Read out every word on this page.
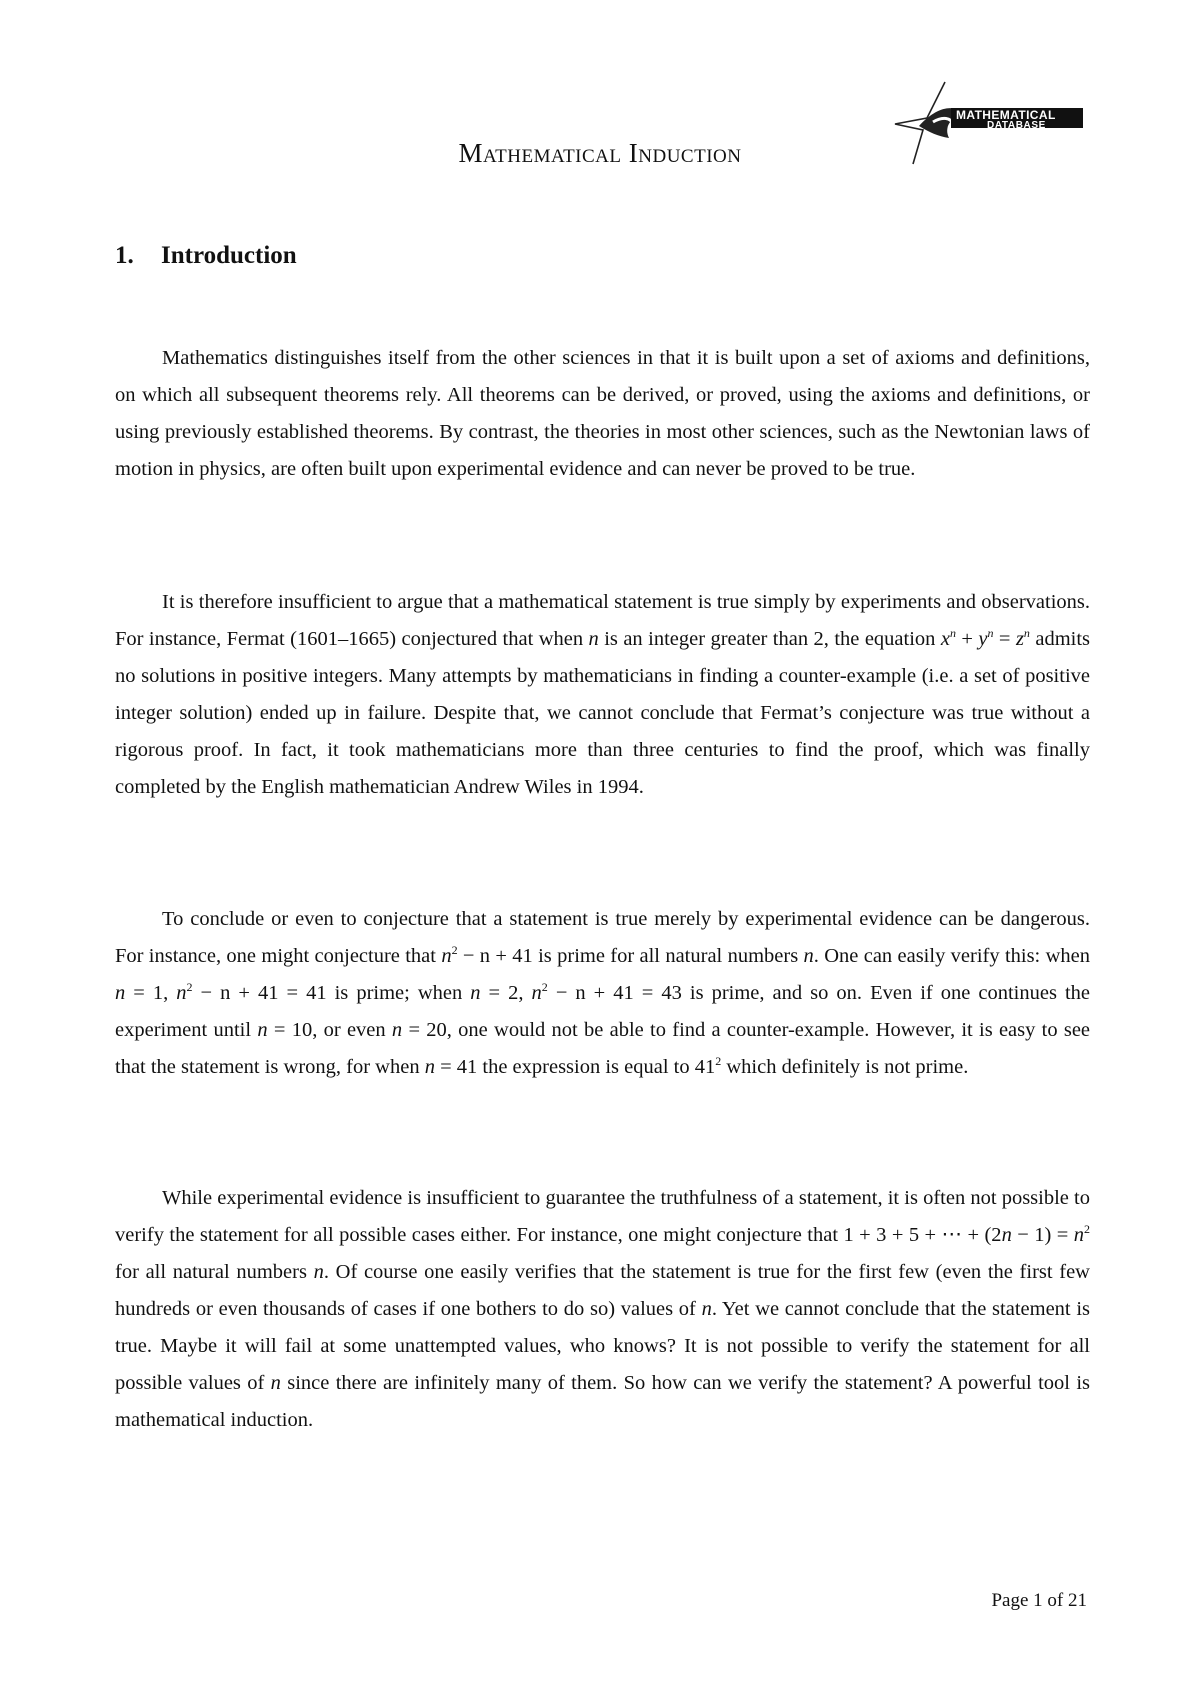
MATHEMATICAL
DATABASE
Mathematical Induction
1. Introduction
Mathematics distinguishes itself from the other sciences in that it is built upon a set of axioms and definitions, on which all subsequent theorems rely. All theorems can be derived, or proved, using the axioms and definitions, or using previously established theorems. By contrast, the theories in most other sciences, such as the Newtonian laws of motion in physics, are often built upon experimental evidence and can never be proved to be true.
It is therefore insufficient to argue that a mathematical statement is true simply by experiments and observations. For instance, Fermat (1601–1665) conjectured that when n is an integer greater than 2, the equation $x^n + y^n = z^n$ admits no solutions in positive integers. Many attempts by mathematicians in finding a counter-example (i.e. a set of positive integer solution) ended up in failure. Despite that, we cannot conclude that Fermat’s conjecture was true without a rigorous proof. In fact, it took mathematicians more than three centuries to find the proof, which was finally completed by the English mathematician Andrew Wiles in 1994.
To conclude or even to conjecture that a statement is true merely by experimental evidence can be dangerous. For instance, one might conjecture that $n^2 - n + 41$ is prime for all natural numbers n. One can easily verify this: when n = 1, $n^2 - n + 41 = 41$ is prime; when n = 2, $n^2 - n + 41 = 43$ is prime, and so on. Even if one continues the experiment until n = 10, or even n = 20, one would not be able to find a counter-example. However, it is easy to see that the statement is wrong, for when n = 41 the expression is equal to $41^2$ which definitely is not prime.
While experimental evidence is insufficient to guarantee the truthfulness of a statement, it is often not possible to verify the statement for all possible cases either. For instance, one might conjecture that 1 + 3 + 5 + ⋯ + $(2n - 1) = n^2$ for all natural numbers n. Of course one easily verifies that the statement is true for the first few (even the first few hundreds or even thousands of cases if one bothers to do so) values of n. Yet we cannot conclude that the statement is true. Maybe it will fail at some unattempted values, who knows? It is not possible to verify the statement for all possible values of n since there are infinitely many of them. So how can we verify the statement? A powerful tool is mathematical induction.
Page 1 of 21
